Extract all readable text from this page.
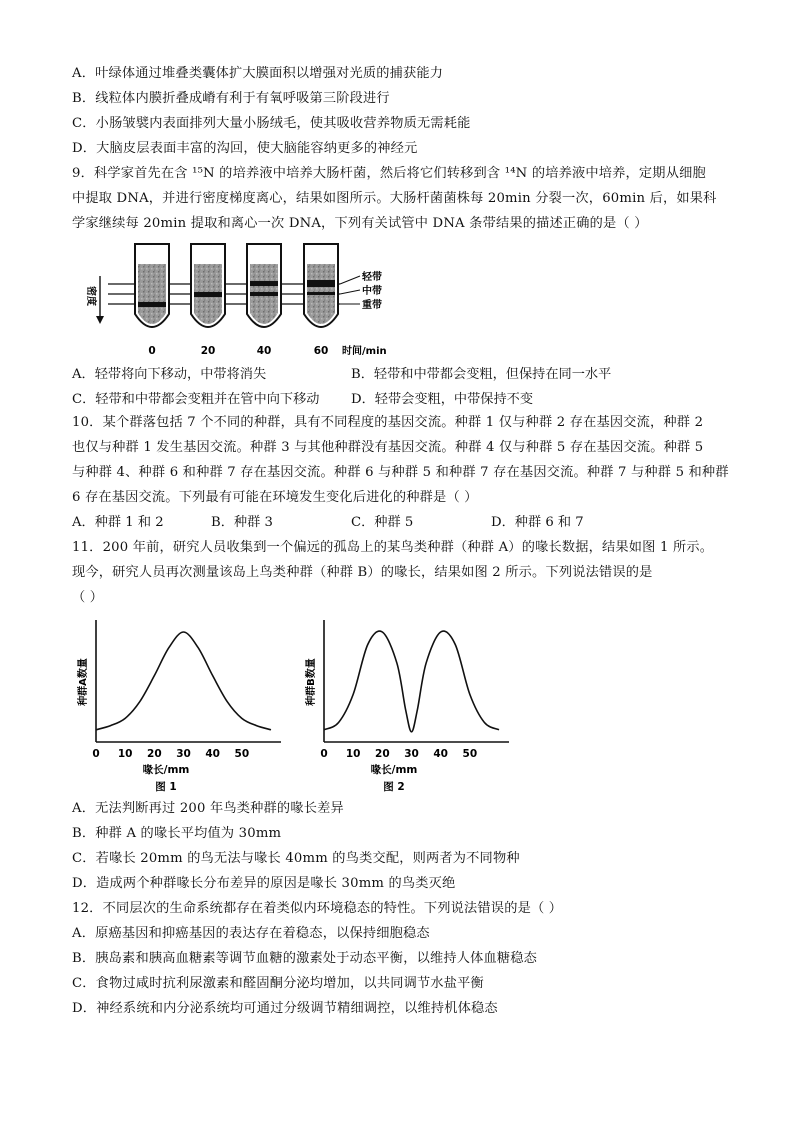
A．叶绿体通过堆叠类囊体扩大膜面积以增强对光质的捕获能力
B．线粒体内膜折叠成嵴有利于有氧呼吸第三阶段进行
C．小肠皱襞内表面排列大量小肠绒毛，使其吸收营养物质无需耗能
D．大脑皮层表面丰富的沟回，使大脑能容纳更多的神经元
9．科学家首先在含 ¹⁵N 的培养液中培养大肠杆菌，然后将它们转移到含 ¹⁴N 的培养液中培养，定期从细胞
中提取 DNA，并进行密度梯度离心，结果如图所示。大肠杆菌菌株每 20min 分裂一次，60min 后，如果科
学家继续每 20min 提取和离心一次 DNA，下列有关试管中 DNA 条带结果的描述正确的是（ ）
密度
轻带
中带
重带
0	20	40	60 时间/min
A．轻带将向下移动，中带将消失	B．轻带和中带都会变粗，但保持在同一水平
C．轻带和中带都会变粗并在管中向下移动 D．轻带会变粗，中带保持不变
10．某个群落包括 7 个不同的种群，具有不同程度的基因交流。种群 1 仅与种群 2 存在基因交流，种群 2
也仅与种群 1 发生基因交流。种群 3 与其他种群没有基因交流。种群 4 仅与种群 5 存在基因交流。种群 5
与种群 4、种群 6 和种群 7 存在基因交流。种群 6 与种群 5 和种群 7 存在基因交流。种群 7 与种群 5 和种群
6 存在基因交流。下列最有可能在环境发生变化后进化的种群是（ ）
A．种群 1 和 2	B．种群 3	C．种群 5	D．种群 6 和 7
11．200 年前，研究人员收集到一个偏远的孤岛上的某鸟类种群（种群 A）的喙长数据，结果如图 1 所示。
现今，研究人员再次测量该岛上鸟类种群（种群 B）的喙长，结果如图 2 所示。下列说法错误的是
（ ）
0 10 20 30 40 50
喙长/mm
种群A数量
图 1
0 10 20 30 40 50
喙长/mm
种群B数量
图 2
A．无法判断再过 200 年鸟类种群的喙长差异
B．种群 A 的喙长平均值为 30mm
C．若喙长 20mm 的鸟无法与喙长 40mm 的鸟类交配，则两者为不同物种
D．造成两个种群喙长分布差异的原因是喙长 30mm 的鸟类灭绝
12．不同层次的生命系统都存在着类似内环境稳态的特性。下列说法错误的是（ ）
A．原癌基因和抑癌基因的表达存在着稳态，以保持细胞稳态
B．胰岛素和胰高血糖素等调节血糖的激素处于动态平衡，以维持人体血糖稳态
C．食物过咸时抗利尿激素和醛固酮分泌均增加，以共同调节水盐平衡
D．神经系统和内分泌系统均可通过分级调节精细调控，以维持机体稳态
